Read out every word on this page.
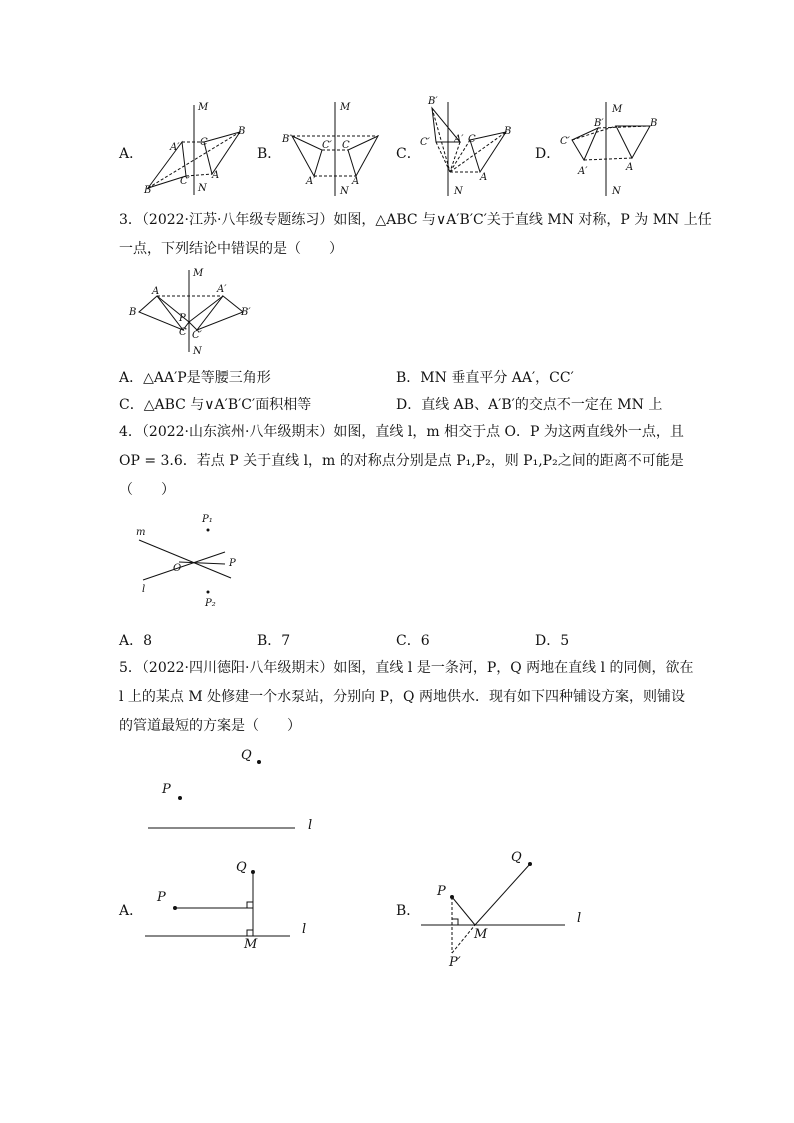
A．
M
N
A′
B′
C′
C
B
A
B．
M
N
B′
C′ C
A′	A
C．
B′
C′ A′ C
B
A
N
D．
M
N
C′
B′	B
A′	A
3．（2022·江苏·八年级专题练习）如图，△ABC 与∨A′B′C′关于直线 MN 对称，P 为 MN 上任
一点，下列结论中错误的是（　　）
M
N
A
B
P
C C′
A′
B′
A．△AA′P是等腰三角形	B．MN 垂直平分 AA′，CC′
C．△ABC 与∨A′B′C′面积相等	D．直线 AB、A′B′的交点不一定在 MN 上
4．（2022·山东滨州·八年级期末）如图，直线 l，m 相交于点 O．P 为这两直线外一点，且
OP = 3.6．若点 P 关于直线 l，m 的对称点分别是点 P₁,P₂，则 P₁,P₂之间的距离不可能是
（　　）
m
l
O	P
P₁
P₂
A．8	B．7	C．6	D．5
5．（2022·四川德阳·八年级期末）如图，直线 l 是一条河，P，Q 两地在直线 l 的同侧，欲在
l 上的某点 M 处修建一个水泵站，分别向 P，Q 两地供水．现有如下四种铺设方案，则铺设
的管道最短的方案是（　　）
Q
P
l
A．
Q
P
M
l
B．
Q
P
M
l
P′
